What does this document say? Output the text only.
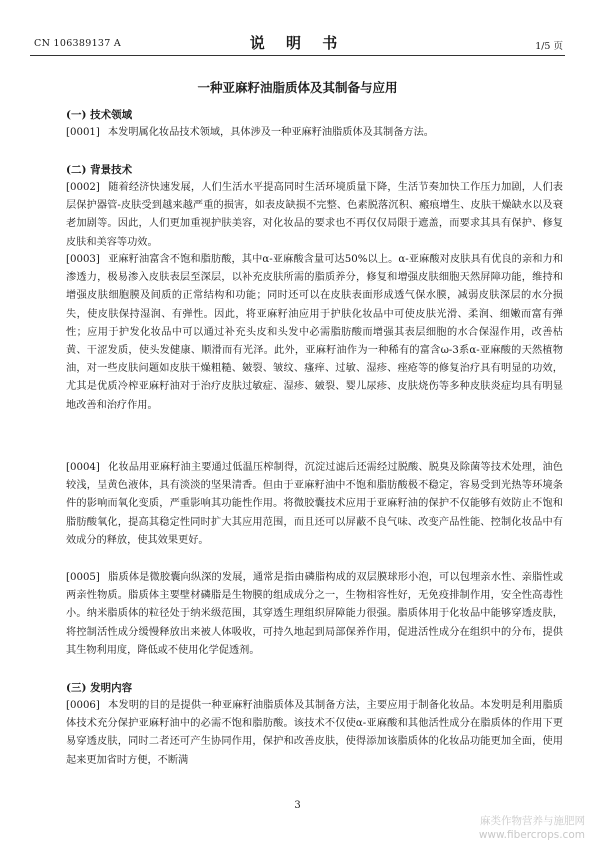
CN 106389137 A	说 明 书	1/5 页
一种亚麻籽油脂质体及其制备与应用
(一) 技术领域
[0001] 本发明属化妆品技术领域，具体涉及一种亚麻籽油脂质体及其制备方法。
(二) 背景技术
[0002] 随着经济快速发展，人们生活水平提高同时生活环境质量下降，生活节奏加快工作压力加剧，人们表层保护器管-皮肤受到越来越严重的损害，如表皮缺损不完整、色素脱落沉积、瘢痕增生、皮肤干燥缺水以及衰老加剧等。因此，人们更加重视护肤美容，对化妆品的要求也不再仅仅局限于遮盖，而要求其具有保护、修复皮肤和美容等功效。
[0003] 亚麻籽油富含不饱和脂肪酸，其中α-亚麻酸含量可达50%以上。α-亚麻酸对皮肤具有优良的亲和力和渗透力，极易渗入皮肤表层至深层，以补充皮肤所需的脂质养分，修复和增强皮肤细胞天然屏障功能，维持和增强皮肤细胞膜及间质的正常结构和功能；同时还可以在皮肤表面形成透气保水膜，减弱皮肤深层的水分损失，使皮肤保持湿润、有弹性。因此，将亚麻籽油应用于护肤化妆品中可使皮肤光滑、柔润、细嫩而富有弹性；应用于护发化妆品中可以通过补充头皮和头发中必需脂肪酸而增强其表层细胞的水合保湿作用，改善枯黄、干涩发质，使头发健康、顺滑而有光泽。此外，亚麻籽油作为一种稀有的富含ω-3系α-亚麻酸的天然植物油，对一些皮肤问题如皮肤干燥粗糙、皴裂、皱纹、瘙痒、过敏、湿疹、痤疮等的修复治疗具有明显的功效，尤其是优质冷榨亚麻籽油对于治疗皮肤过敏症、湿疹、皴裂、婴儿尿疹、皮肤烧伤等多种皮肤炎症均具有明显地改善和治疗作用。
[0004] 化妆品用亚麻籽油主要通过低温压榨制得，沉淀过滤后还需经过脱酸、脱臭及除菌等技术处理，油色较浅，呈黄色液体，具有淡淡的坚果清香。但由于亚麻籽油中不饱和脂肪酸极不稳定，容易受到光热等环境条件的影响而氧化变质，严重影响其功能性作用。将微胶囊技术应用于亚麻籽油的保护不仅能够有效防止不饱和脂肪酸氧化，提高其稳定性同时扩大其应用范围，而且还可以屏蔽不良气味、改变产品性能、控制化妆品中有效成分的释放，使其效果更好。
[0005] 脂质体是微胶囊向纵深的发展，通常是指由磷脂构成的双层膜球形小泡，可以包埋亲水性、亲脂性或两亲性物质。脂质体主要壁材磷脂是生物膜的组成成分之一，生物相容性好，无免疫排制作用，安全性高毒性小。纳米脂质体的粒径处于纳米级范围，其穿透生理组织屏障能力很强。脂质体用于化妆品中能够穿透皮肤，将控制活性成分缓慢释放出来被人体吸收，可持久地起到局部保养作用，促进活性成分在组织中的分布，提供其生物利用度，降低或不使用化学促透剂。
(三) 发明内容
[0006] 本发明的目的是提供一种亚麻籽油脂质体及其制备方法，主要应用于制备化妆品。本发明是利用脂质体技术充分保护亚麻籽油中的必需不饱和脂肪酸。该技术不仅使α-亚麻酸和其他活性成分在脂质体的作用下更易穿透皮肤，同时二者还可产生协同作用，保护和改善皮肤，使得添加该脂质体的化妆品功能更加全面，使用起来更加省时方便，不断满
3
麻类作物营养与施肥网
www.fibercrops.com
